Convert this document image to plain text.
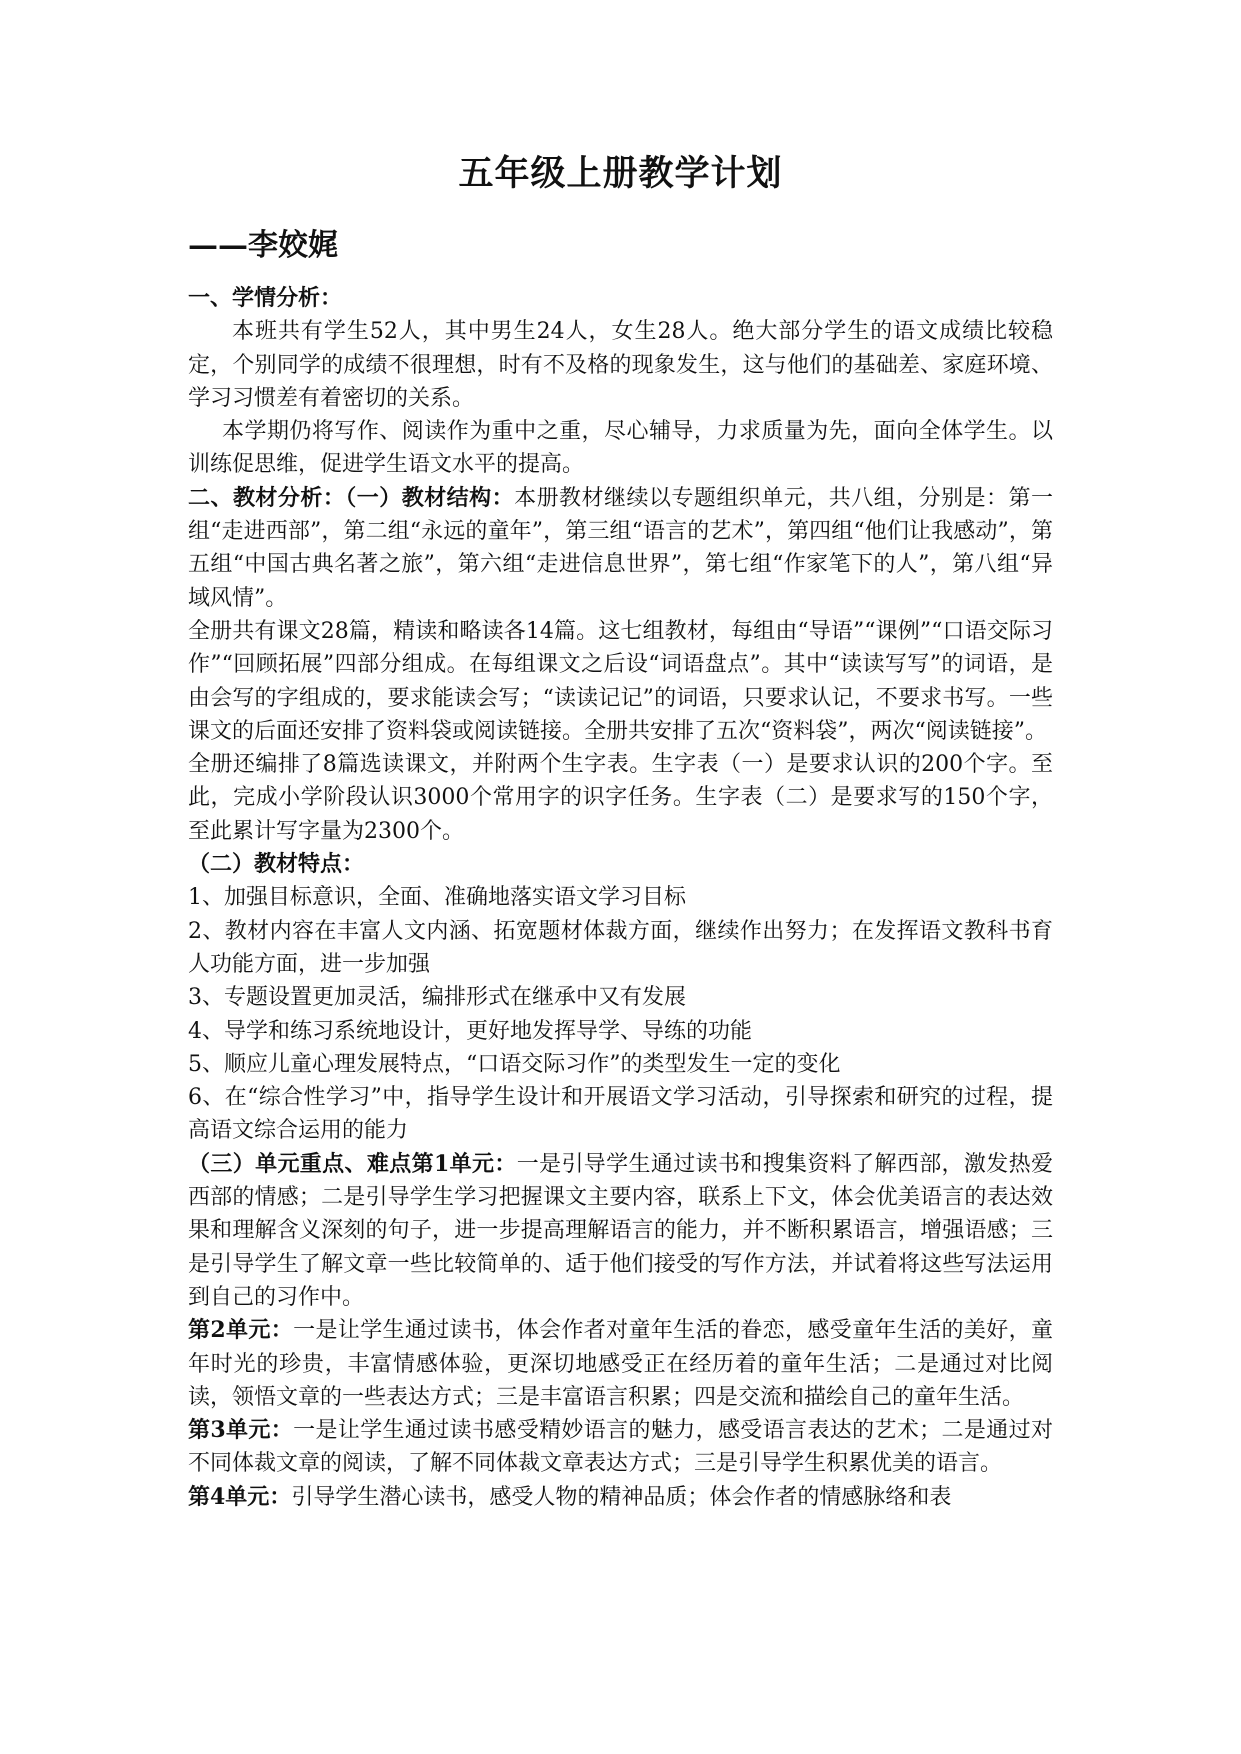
五年级上册教学计划
——李姣娓

一、学情分析：

本班共有学生52人，其中男生24人，女生28人。绝大部分学生的语文成绩比较稳定，个别同学的成绩不很理想，时有不及格的现象发生，这与他们的基础差、家庭环境、学习习惯差有着密切的关系。

本学期仍将写作、阅读作为重中之重，尽心辅导，力求质量为先，面向全体学生。以训练促思维，促进学生语文水平的提高。

二、教材分析：（一）教材结构：本册教材继续以专题组织单元，共八组，分别是：第一组“走进西部”，第二组“永远的童年”，第三组“语言的艺术”，第四组“他们让我感动”，第五组“中国古典名著之旅”，第六组“走进信息世界”，第七组“作家笔下的人”，第八组“异域风情”。

全册共有课文28篇，精读和略读各14篇。这七组教材，每组由“导语”“课例”“口语交际习作”“回顾拓展”四部分组成。在每组课文之后设“词语盘点”。其中“读读写写”的词语，是由会写的字组成的，要求能读会写；“读读记记”的词语，只要求认记，不要求书写。一些课文的后面还安排了资料袋或阅读链接。全册共安排了五次“资料袋”，两次“阅读链接”。

全册还编排了8篇选读课文，并附两个生字表。生字表（一）是要求认识的200个字。至此，完成小学阶段认识3000个常用字的识字任务。生字表（二）是要求写的150个字，至此累计写字量为2300个。

（二）教材特点：

1、加强目标意识，全面、准确地落实语文学习目标

2、教材内容在丰富人文内涵、拓宽题材体裁方面，继续作出努力；在发挥语文教科书育人功能方面，进一步加强

3、专题设置更加灵活，编排形式在继承中又有发展

4、导学和练习系统地设计，更好地发挥导学、导练的功能

5、顺应儿童心理发展特点，“口语交际习作”的类型发生一定的变化

6、在“综合性学习”中，指导学生设计和开展语文学习活动，引导探索和研究的过程，提高语文综合运用的能力

（三）单元重点、难点第1单元：一是引导学生通过读书和搜集资料了解西部，激发热爱西部的情感；二是引导学生学习把握课文主要内容，联系上下文，体会优美语言的表达效果和理解含义深刻的句子，进一步提高理解语言的能力，并不断积累语言，增强语感；三是引导学生了解文章一些比较简单的、适于他们接受的写作方法，并试着将这些写法运用到自己的习作中。

第2单元：一是让学生通过读书，体会作者对童年生活的眷恋，感受童年生活的美好，童年时光的珍贵，丰富情感体验，更深切地感受正在经历着的童年生活；二是通过对比阅读，领悟文章的一些表达方式；三是丰富语言积累；四是交流和描绘自己的童年生活。

第3单元：一是让学生通过读书感受精妙语言的魅力，感受语言表达的艺术；二是通过对不同体裁文章的阅读，了解不同体裁文章表达方式；三是引导学生积累优美的语言。

第4单元：引导学生潜心读书，感受人物的精神品质；体会作者的情感脉络和表
